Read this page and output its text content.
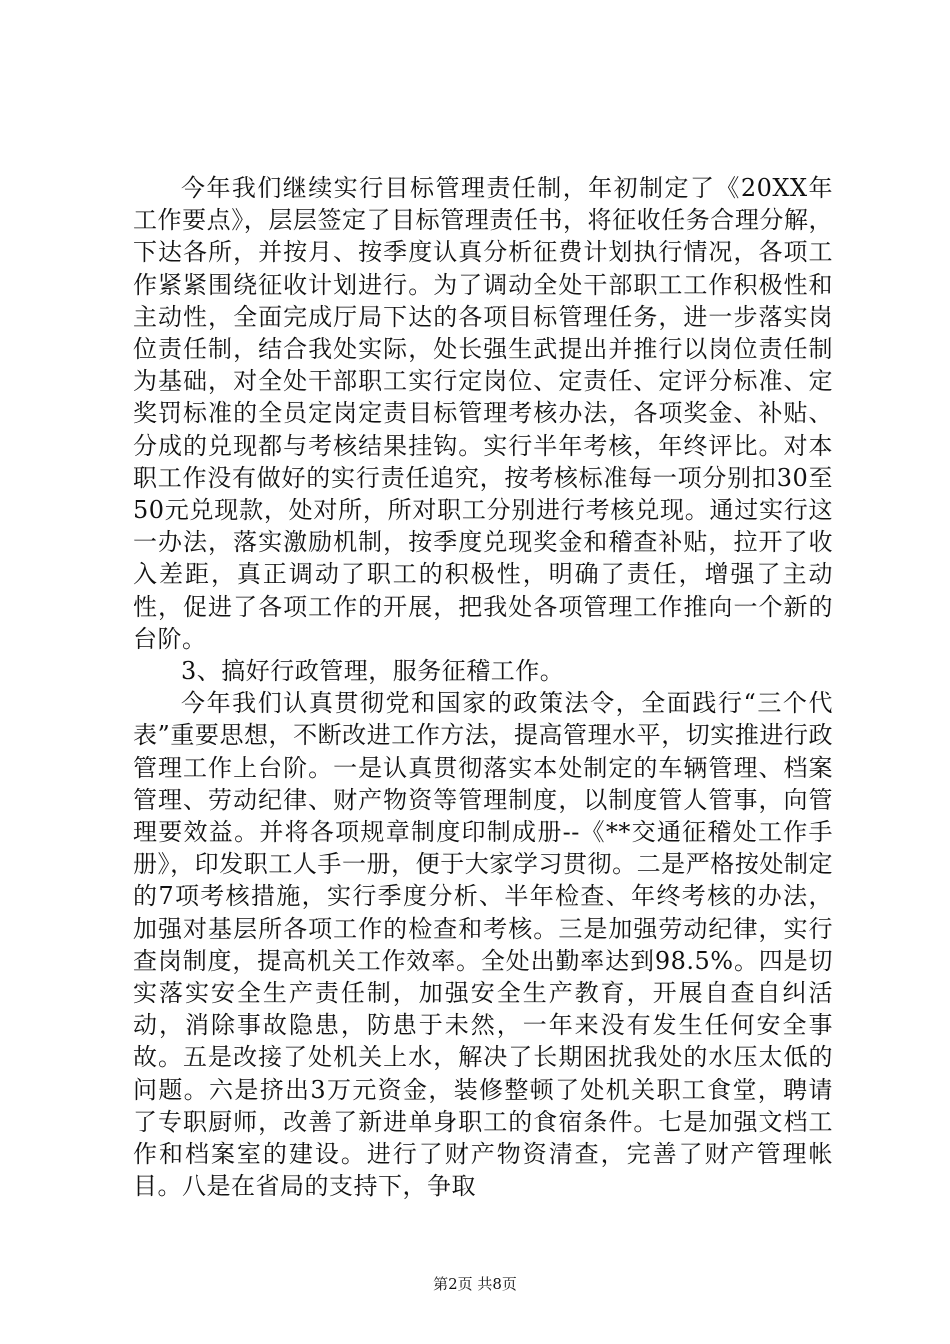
今年我们继续实行目标管理责任制，年初制定了《20XX年工作要点》，层层签定了目标管理责任书，将征收任务合理分解，下达各所，并按月、按季度认真分析征费计划执行情况，各项工作紧紧围绕征收计划进行。为了调动全处干部职工工作积极性和主动性，全面完成厅局下达的各项目标管理任务，进一步落实岗位责任制，结合我处实际，处长强生武提出并推行以岗位责任制为基础，对全处干部职工实行定岗位、定责任、定评分标准、定奖罚标准的全员定岗定责目标管理考核办法，各项奖金、补贴、分成的兑现都与考核结果挂钩。实行半年考核，年终评比。对本职工作没有做好的实行责任追究，按考核标准每一项分别扣30至50元兑现款，处对所，所对职工分别进行考核兑现。通过实行这一办法，落实激励机制，按季度兑现奖金和稽查补贴，拉开了收入差距，真正调动了职工的积极性，明确了责任，增强了主动性，促进了各项工作的开展，把我处各项管理工作推向一个新的台阶。

3、搞好行政管理，服务征稽工作。

今年我们认真贯彻党和国家的政策法令，全面践行“三个代表”重要思想，不断改进工作方法，提高管理水平，切实推进行政管理工作上台阶。一是认真贯彻落实本处制定的车辆管理、档案管理、劳动纪律、财产物资等管理制度，以制度管人管事，向管理要效益。并将各项规章制度印制成册--《**交通征稽处工作手册》，印发职工人手一册，便于大家学习贯彻。二是严格按处制定的7项考核措施，实行季度分析、半年检查、年终考核的办法，加强对基层所各项工作的检查和考核。三是加强劳动纪律，实行查岗制度，提高机关工作效率。全处出勤率达到98.5%。四是切实落实安全生产责任制，加强安全生产教育，开展自查自纠活动，消除事故隐患，防患于未然，一年来没有发生任何安全事故。五是改接了处机关上水，解决了长期困扰我处的水压太低的问题。六是挤出3万元资金，装修整顿了处机关职工食堂，聘请了专职厨师，改善了新进单身职工的食宿条件。七是加强文档工作和档案室的建设。进行了财产物资清查，完善了财产管理帐目。八是在省局的支持下，争取

第2页 共8页
